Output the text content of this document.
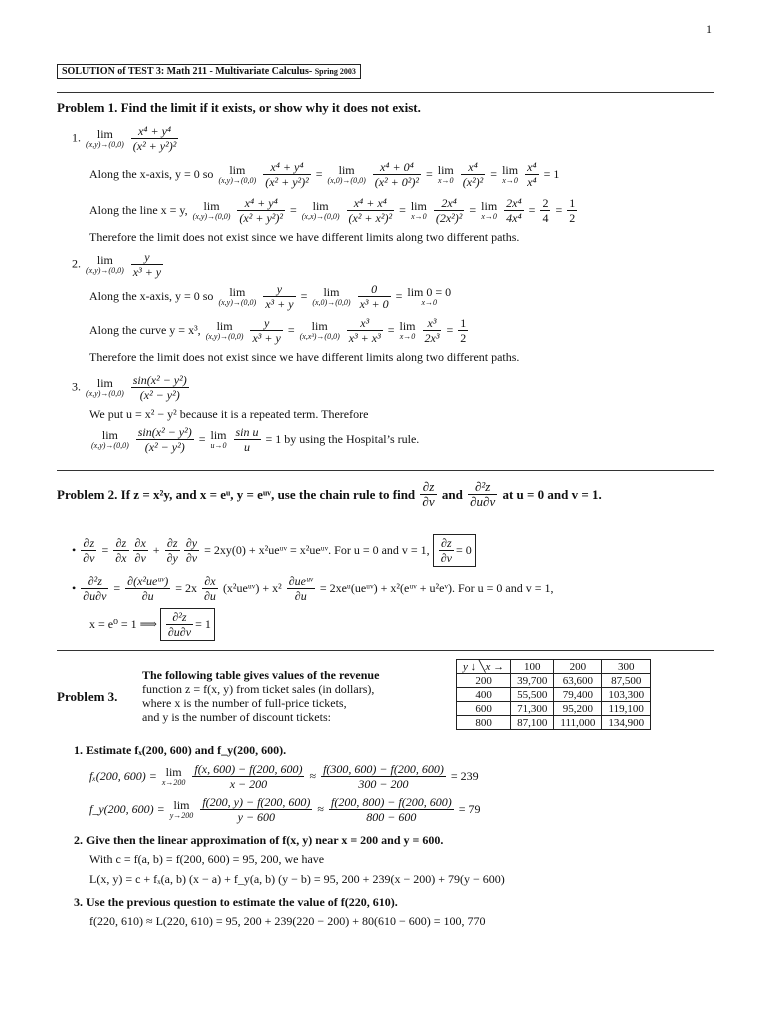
1
SOLUTION of TEST 3: Math 211 - Multivariate Calculus- Spring 2003
Problem 1. Find the limit if it exists, or show why it does not exist.
1.	lim
(x,y)→(0,0)
$\frac{\text{x⁴ + y⁴}}{\text{(x² + y²)²}}$
Along the x-axis, y = 0 so	lim
(x,y)→(0,0)
$\frac{\text{x⁴ + y⁴}}{\text{(x² + y²)²}}$ =	lim
(x,0)→(0,0)
$\frac{\text{x⁴ + 0⁴}}{\text{(x² + 0²)²}} = \lim$
x→0
$\frac{\text{x⁴}}{\text{(x²)²}} = \lim$
x→0
$\frac{\text{x⁴}}{\text{x⁴}} = 1$
Along the line x = y,	lim
(x,y)→(0,0)
$\frac{\text{x⁴ + y⁴}}{\text{(x² + y²)²}}$ =	lim
(x,x)→(0,0)
$\frac{\text{x⁴ + x⁴}}{\text{(x² + x²)²}} = \lim$
x→0
$\frac{\text{2x⁴}}{\text{(2x²)²}} = \lim$
x→0
$\frac{\text{2x⁴}}{\text{4x⁴}} = \frac{2}{4} = \frac{1}{2}$
Therefore the limit does not exist since we have different limits along two different paths.
2.	lim
(x,y)→(0,0)
$\frac{y}{\text{x³ + y}}$
Along the x-axis, y = 0 so	lim
(x,y)→(0,0)
$\frac{y}{\text{x³ + y}}$ =	lim
(x,0)→(0,0)
$\frac{0}{\text{x³ + 0}} = \lim 0 = 0$
x→0
Along the curve y = x³,	lim
(x,y)→(0,0)
$\frac{y}{\text{x³ + y}}$ =	lim
(x,x³)→(0,0)
$\frac{\text{x³}}{\text{x³ + x³}} = \lim$
x→0
$\frac{\text{x³}}{\text{2x³}} = \frac{1}{2}$
Therefore the limit does not exist since we have different limits along two different paths.
3.	lim
(x,y)→(0,0)
$\frac{\text{sin(x² − y²)}}{\text{(x² − y²)}}$
We put u = x² − y² because it is a repeated term. Therefore
lim
(x,y)→(0,0)
$\frac{\text{sin(x² − y²)}}{\text{(x² − y²)}} = \lim$
u→0
$\frac{\text{sin u}}{u} = 1$ by using the Hospital’s rule.
Problem 2. If z = x²y, and x = eᵘ, y = eᵘᵛ, use the chain rule to find $\frac{\partial z}{\partial v}$ and $\frac{\text{∂²z}}{\partial u\partial v}$ at u = 0 and v = 1.
• $\frac{\partial z}{\partial v} = \frac{\partial z}{\partial x} \frac{\partial x}{\partial v} + \frac{\partial z}{\partial y} \frac{\partial y}{\partial v} = 2xy(0)$ + x²ueᵘᵛ = x²ueᵘᵛ. For u = 0 and v = 1, $\frac{\partial z}{\partial v} = 0$
• $\frac{\text{∂²z}}{\partial u\partial v} = \frac{\text{∂(x²ueᵘᵛ)}}{\partial u} = 2x \frac{\partial x}{\partial u}$ (x²ueᵘᵛ) + $x^2 \frac{\text{∂ueᵘᵛ}}{\partial u}$ = 2xeᵘ(ueᵘᵛ) + x²(eᵘᵛ + u²eᵛ). For u = 0 and v = 1,
x = e⁰ = 1 ⟹ $\frac{\text{∂²z}}{\partial u\partial v} = 1$
Problem 3.
The following table gives values of the revenue
function z = f(x, y) from ticket sales (in dollars),
where x is the number of full-price tickets,
and y is the number of discount tickets:
y ↓ ╲x →	100	200	300
200	39,700	63,600	87,500
400	55,500	79,400	103,300
600	71,300	95,200	119,100
800	87,100	111,000	134,900
1. Estimate fₓ(200, 600) and f_y(200, 600).
fₓ(200, 600) = lim
x→200
$\frac{f(x, 600) - f(200, 600)}{x - 200} \approx \frac{f(300, 600) - f(200, 600)}{300 - 200} = 239$
f_y(200, 600) = lim
y→200
$\frac{f(200, y) - f(200, 600)}{y - 600} \approx \frac{f(200, 800) - f(200, 600)}{800 - 600} = 79$
2. Give then the linear approximation of f(x, y) near x = 200 and y = 600.
With c = f(a, b) = f(200, 600) = 95, 200, we have
L(x, y) = c + fₓ(a, b) (x − a) + f_y(a, b) (y − b) = 95, 200 + 239(x − 200) + 79(y − 600)
3. Use the previous question to estimate the value of f(220, 610).
f(220, 610) ≈ L(220, 610) = 95, 200 + 239(220 − 200) + 80(610 − 600) = 100, 770
